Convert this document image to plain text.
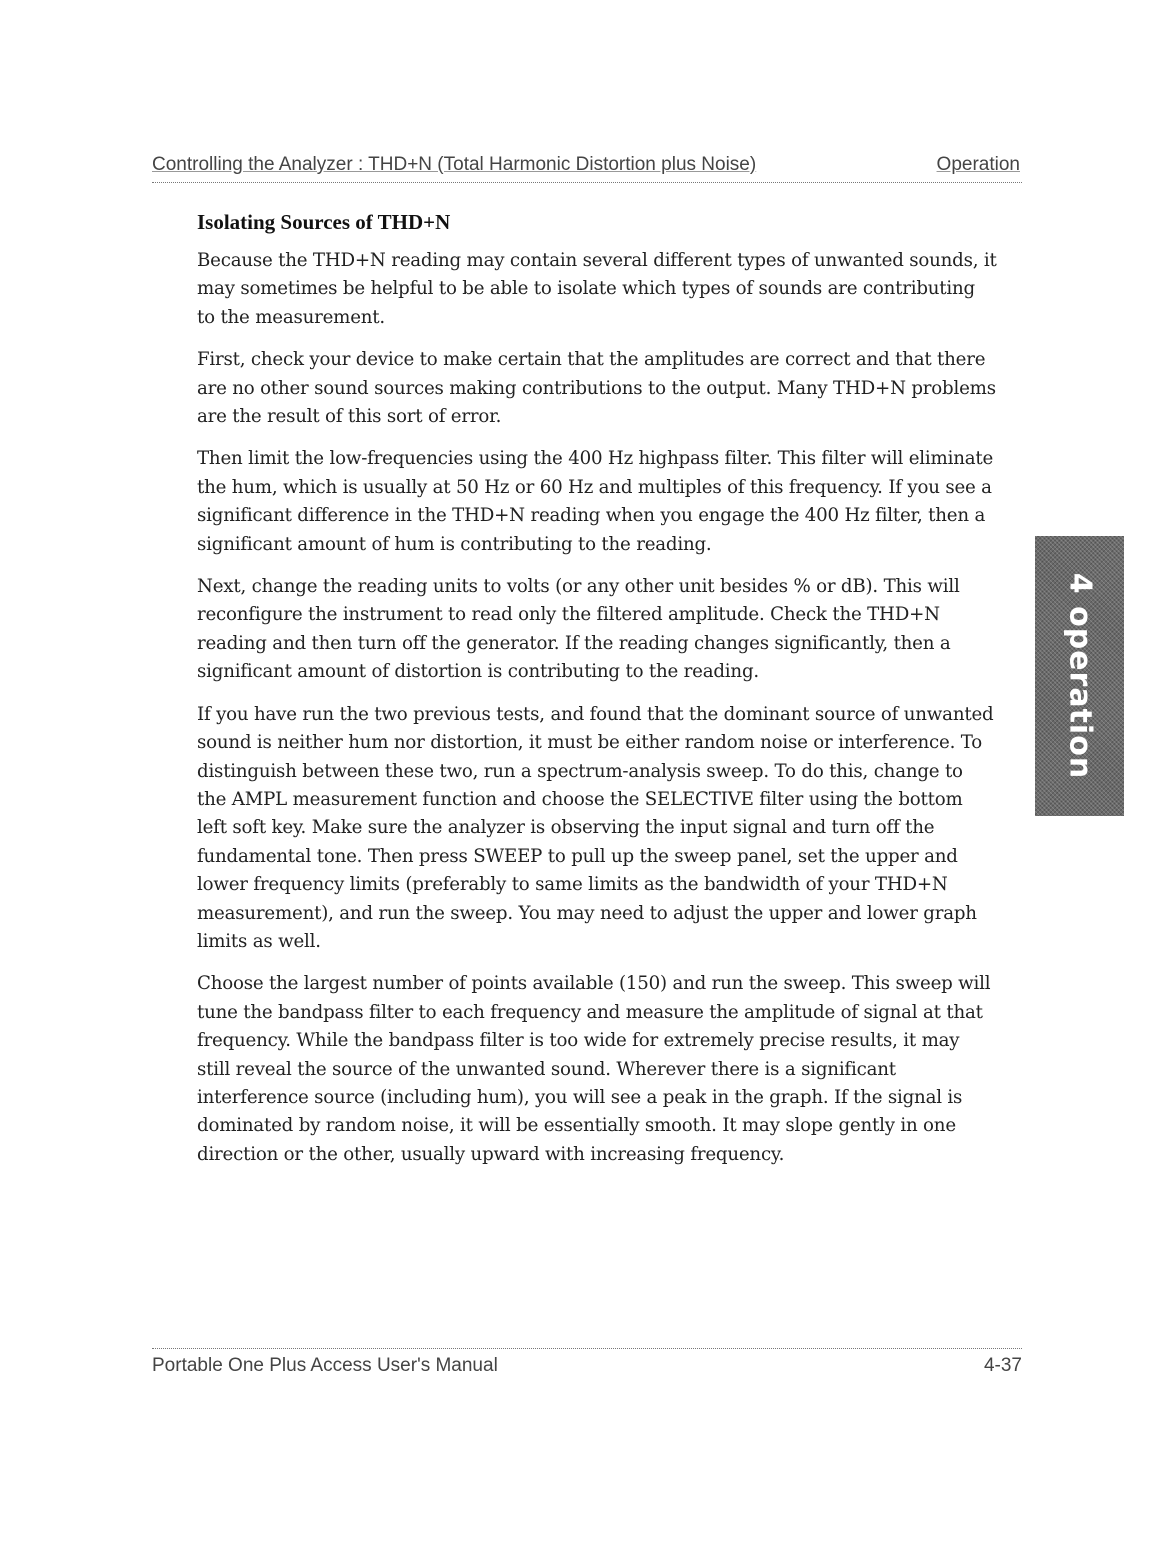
Controlling the Analyzer : THD+N (Total Harmonic Distortion plus Noise)	Operation
Isolating Sources of THD+N

Because the THD+N reading may contain several different types of unwanted sounds, it may sometimes be helpful to be able to isolate which types of sounds are contributing to the measurement.

First, check your device to make certain that the amplitudes are correct and that there are no other sound sources making contributions to the output. Many THD+N problems are the result of this sort of error.

Then limit the low-frequencies using the 400 Hz highpass filter. This filter will eliminate the hum, which is usually at 50 Hz or 60 Hz and multiples of this frequency. If you see a significant difference in the THD+N reading when you engage the 400 Hz filter, then a significant amount of hum is contributing to the reading.

Next, change the reading units to volts (or any other unit besides % or dB). This will reconfigure the instrument to read only the filtered amplitude. Check the THD+N reading and then turn off the generator. If the reading changes significantly, then a significant amount of distortion is contributing to the reading.

If you have run the two previous tests, and found that the dominant source of unwanted sound is neither hum nor distortion, it must be either random noise or interference. To distinguish between these two, run a spectrum-analysis sweep. To do this, change to the AMPL measurement function and choose the SELECTIVE filter using the bottom left soft key. Make sure the analyzer is observing the input signal and turn off the fundamental tone. Then press SWEEP to pull up the sweep panel, set the upper and lower frequency limits (preferably to same limits as the bandwidth of your THD+N measurement), and run the sweep. You may need to adjust the upper and lower graph limits as well.

Choose the largest number of points available (150) and run the sweep. This sweep will tune the bandpass filter to each frequency and measure the amplitude of signal at that frequency. While the bandpass filter is too wide for extremely precise results, it may still reveal the source of the unwanted sound. Wherever there is a significant interference source (including hum), you will see a peak in the graph. If the signal is dominated by random noise, it will be essentially smooth. It may slope gently in one direction or the other, usually upward with increasing frequency.

4 operation
Portable One Plus Access User's Manual	4-37
